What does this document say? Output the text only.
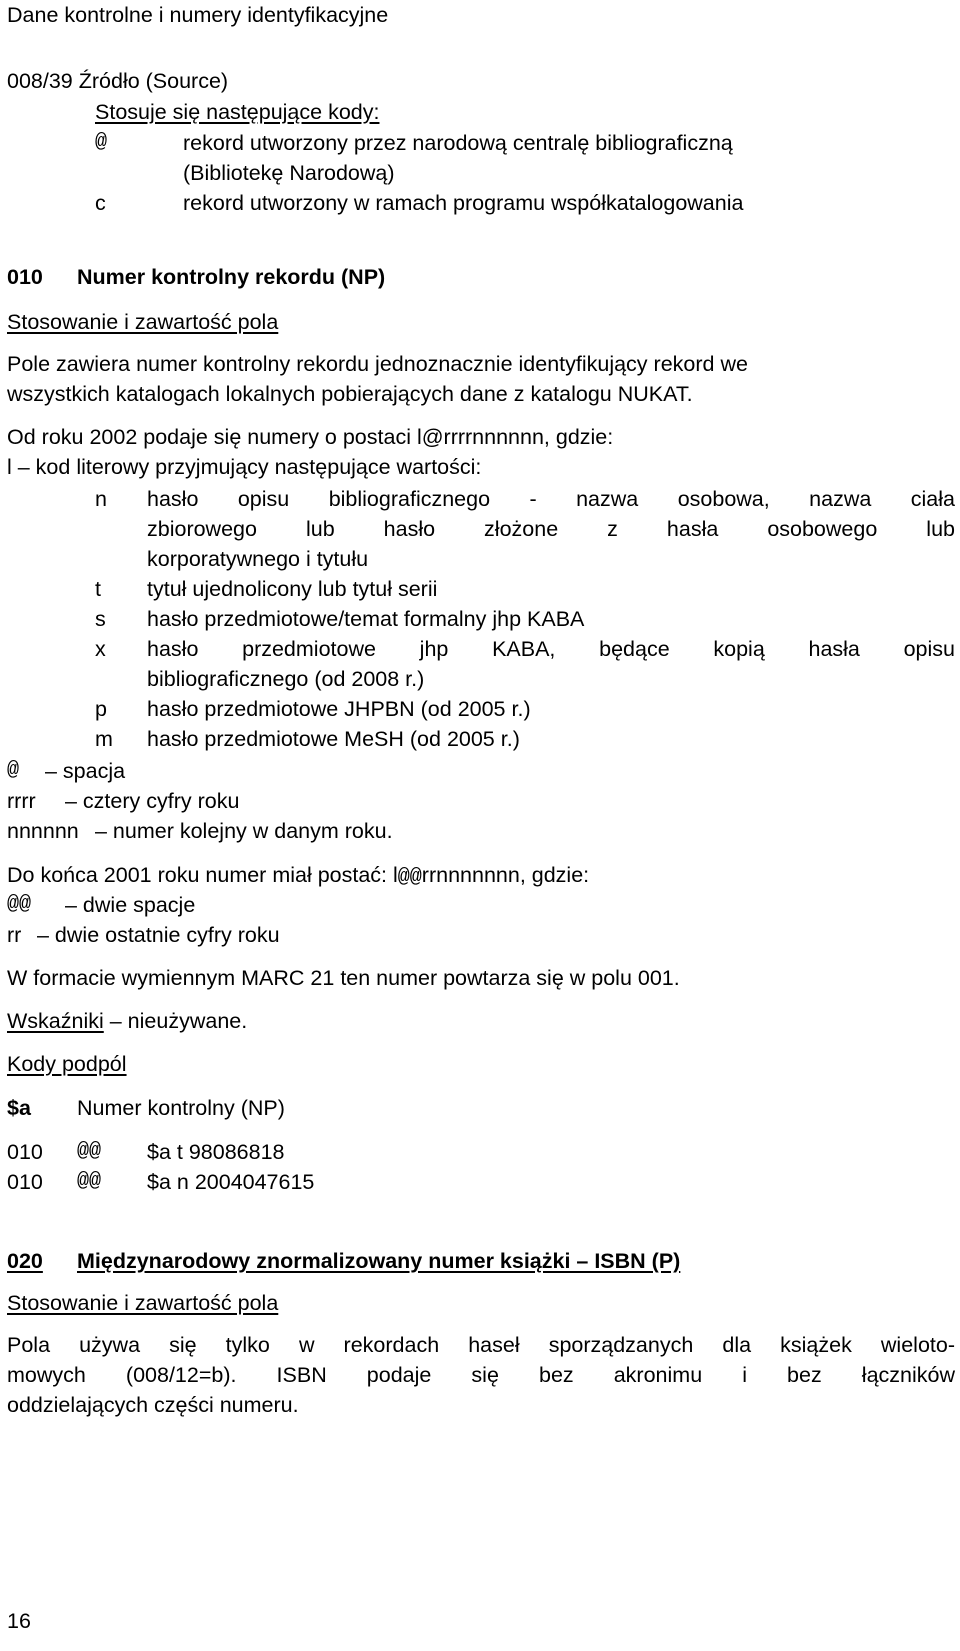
Dane kontrolne i numery identyfikacyjne
008/39 Źródło (Source)
Stosuje się następujące kody:
@	rekord utworzony przez narodową centralę bibliograficzną
(Bibliotekę Narodową)
c	rekord utworzony w ramach programu współkatalogowania
010 Numer kontrolny rekordu (NP)
Stosowanie i zawartość pola
Pole zawiera numer kontrolny rekordu jednoznacznie identyfikujący rekord we
wszystkich katalogach lokalnych pobierających dane z katalogu NUKAT.
Od roku 2002 podaje się numery o postaci l@rrrrnnnnnn, gdzie:
l – kod literowy przyjmujący następujące wartości:
n hasło opisu bibliograficznego - nazwa osobowa, nazwa ciała
zbiorowego lub hasło złożone z hasła osobowego lub
korporatywnego i tytułu
t tytuł ujednolicony lub tytuł serii
s hasło przedmiotowe/temat formalny jhp KABA
x hasło przedmiotowe jhp KABA, będące kopią hasła opisu
bibliograficznego (od 2008 r.)
p hasło przedmiotowe JHPBN (od 2005 r.)
m hasło przedmiotowe MeSH (od 2005 r.)
@ – spacja
rrrr – cztery cyfry roku
nnnnnn – numer kolejny w danym roku.
Do końca 2001 roku numer miał postać: l@@rrnnnnnnn, gdzie:
@@ – dwie spacje
rr – dwie ostatnie cyfry roku
W formacie wymiennym MARC 21 ten numer powtarza się w polu 001.
Wskaźniki – nieużywane.
Kody podpól
$a Numer kontrolny (NP)
010 @@ $a t 98086818
010 @@ $a n 2004047615
020 Międzynarodowy znormalizowany numer książki – ISBN (P)
Stosowanie i zawartość pola
Pola używa się tylko w rekordach haseł sporządzanych dla książek wieloto-
mowych (008/12=b). ISBN podaje się bez akronimu i bez łączników
oddzielających części numeru.
16
